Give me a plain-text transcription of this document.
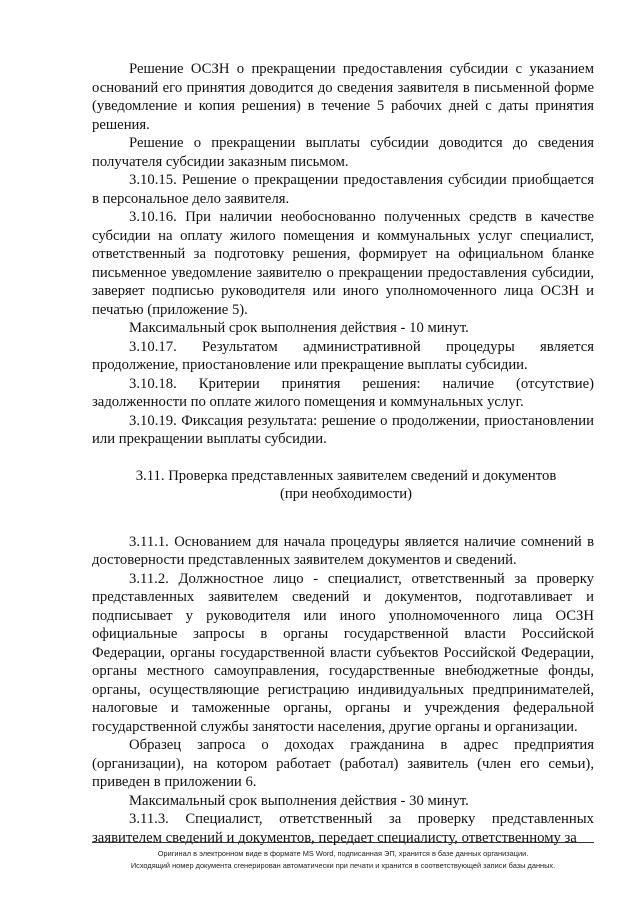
Решение ОСЗН о прекращении предоставления субсидии с указанием оснований его принятия доводится до сведения заявителя в письменной форме (уведомление и копия решения) в течение 5 рабочих дней с даты принятия решения.

Решение о прекращении выплаты субсидии доводится до сведения получателя субсидии заказным письмом.

3.10.15. Решение о прекращении предоставления субсидии приобщается в персональное дело заявителя.

3.10.16. При наличии необоснованно полученных средств в качестве субсидии на оплату жилого помещения и коммунальных услуг специалист, ответственный за подготовку решения, формирует на официальном бланке письменное уведомление заявителю о прекращении предоставления субсидии, заверяет подписью руководителя или иного уполномоченного лица ОСЗН и печатью (приложение 5).

Максимальный срок выполнения действия - 10 минут.

3.10.17. Результатом административной процедуры является продолжение, приостановление или прекращение выплаты субсидии.

3.10.18. Критерии принятия решения: наличие (отсутствие) задолженности по оплате жилого помещения и коммунальных услуг.

3.10.19. Фиксация результата: решение о продолжении, приостановлении или прекращении выплаты субсидии.

3.11. Проверка представленных заявителем сведений и документов
(при необходимости)

3.11.1. Основанием для начала процедуры является наличие сомнений в достоверности представленных заявителем документов и сведений.

3.11.2. Должностное лицо - специалист, ответственный за проверку представленных заявителем сведений и документов, подготавливает и подписывает у руководителя или иного уполномоченного лица ОСЗН официальные запросы в органы государственной власти Российской Федерации, органы государственной власти субъектов Российской Федерации, органы местного самоуправления, государственные внебюджетные фонды, органы, осуществляющие регистрацию индивидуальных предпринимателей, налоговые и таможенные органы, органы и учреждения федеральной государственной службы занятости населения, другие органы и организации.

Образец запроса о доходах гражданина в адрес предприятия (организации), на котором работает (работал) заявитель (член его семьи), приведен в приложении 6.

Максимальный срок выполнения действия - 30 минут.

3.11.3. Специалист, ответственный за проверку представленных заявителем сведений и документов, передает специалисту, ответственному за

Оригинал в электронном виде в формате MS Word, подписанная ЭП, хранится в базе данных организации.
Исходящий номер документа сгенерирован автоматически при печати и хранится в соответствующей записи базы данных.
